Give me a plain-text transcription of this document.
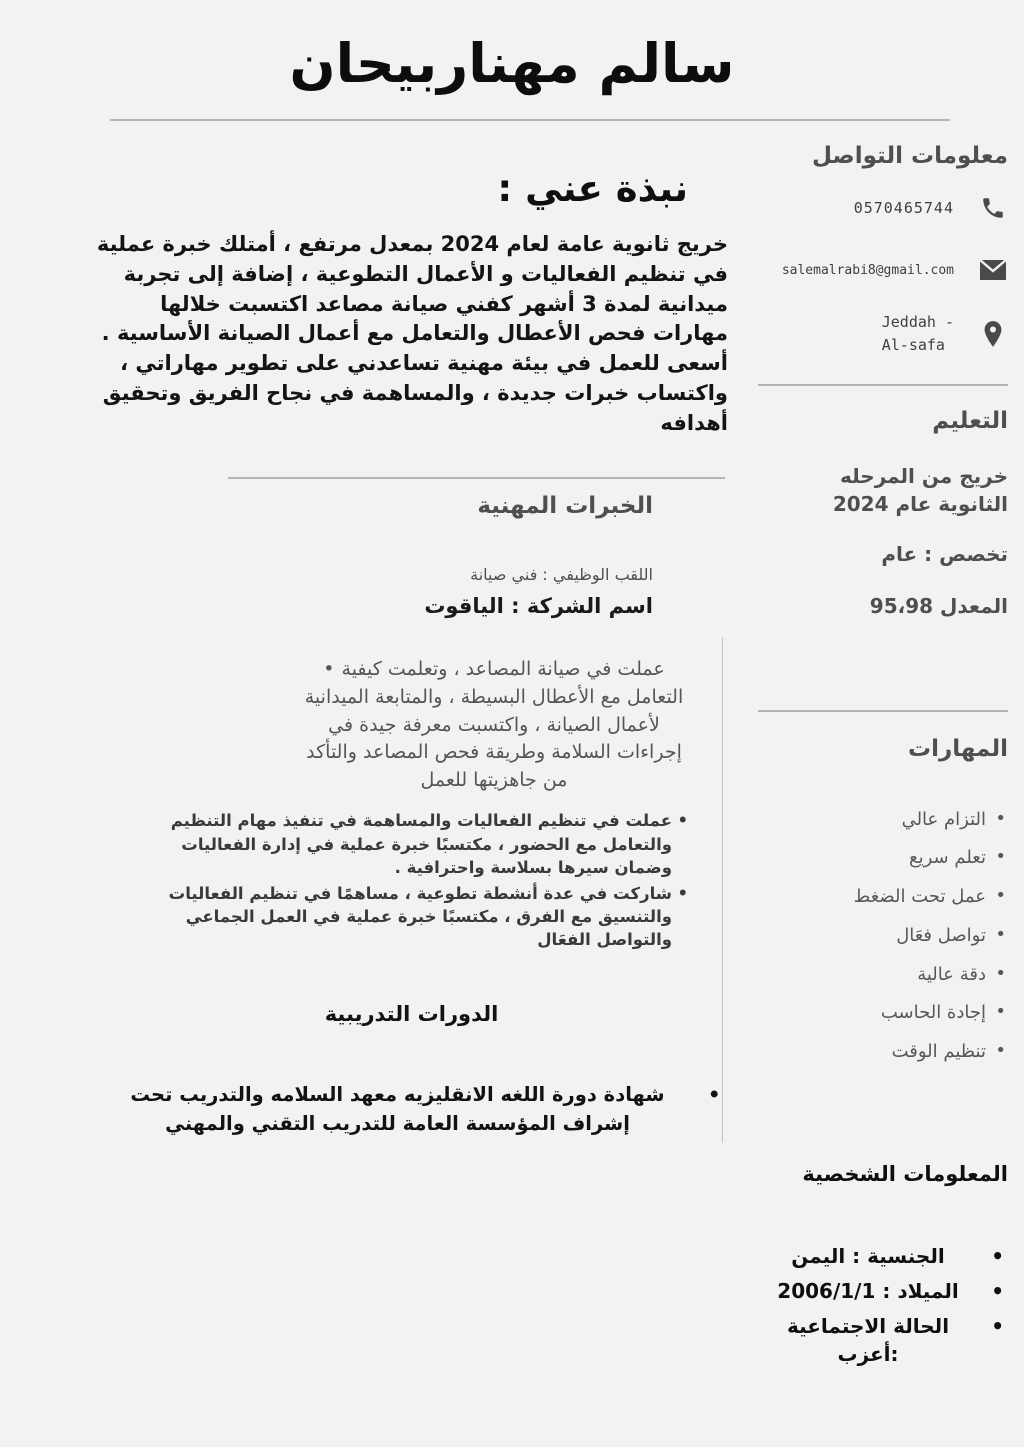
سالم مهناربيحان
معلومات التواصل
0570465744
salemalrabi8@gmail.com
Jeddah -
Al-safa
التعليم
خريج من المرحله الثانوية عام 2024
تخصص : عام
المعدل 95،98
المهارات
• التزام عالي
• تعلم سريع
• عمل تحت الضغط
• تواصل فعَال
• دقة عالية
• إجادة الحاسب
• تنظيم الوقت
المعلومات الشخصية
• الجنسية : اليمن
• الميلاد : 2006/1/1
• الحالة الاجتماعية :أعزب
نبذة عني :
خريج ثانوية عامة لعام 2024 بمعدل مرتفع ، أمتلك خبرة عملية في تنظيم الفعاليات و الأعمال التطوعية ، إضافة إلى تجربة ميدانية لمدة 3 أشهر كفني صيانة مصاعد اكتسبت خلالها مهارات فحص الأعطال والتعامل مع أعمال الصيانة الأساسية . أسعى للعمل في بيئة مهنية تساعدني على تطوير مهاراتي ، واكتساب خبرات جديدة ، والمساهمة في نجاح الفريق وتحقيق أهدافه
الخبرات المهنية
اللقب الوظيفي : فني صيانة
اسم الشركة : الياقوت
• عملت في صيانة المصاعد ، وتعلمت كيفية التعامل مع الأعطال البسيطة ، والمتابعة الميدانية لأعمال الصيانة ، واكتسبت معرفة جيدة في إجراءات السلامة وطريقة فحص المصاعد والتأكد من جاهزيتها للعمل
• عملت في تنظيم الفعاليات والمساهمة في تنفيذ مهام التنظيم والتعامل مع الحضور ، مكتسبًا خبرة عملية في إدارة الفعاليات وضمان سيرها بسلاسة واحترافية .
• شاركت في عدة أنشطة تطوعية ، مساهمًا في تنظيم الفعاليات والتنسيق مع الفرق ، مكتسبًا خبرة عملية في العمل الجماعي والتواصل الفعَال
الدورات التدريبية
• شهادة دورة اللغه الانقليزيه معهد السلامه والتدريب تحت إشراف المؤسسة العامة للتدريب التقني والمهني
